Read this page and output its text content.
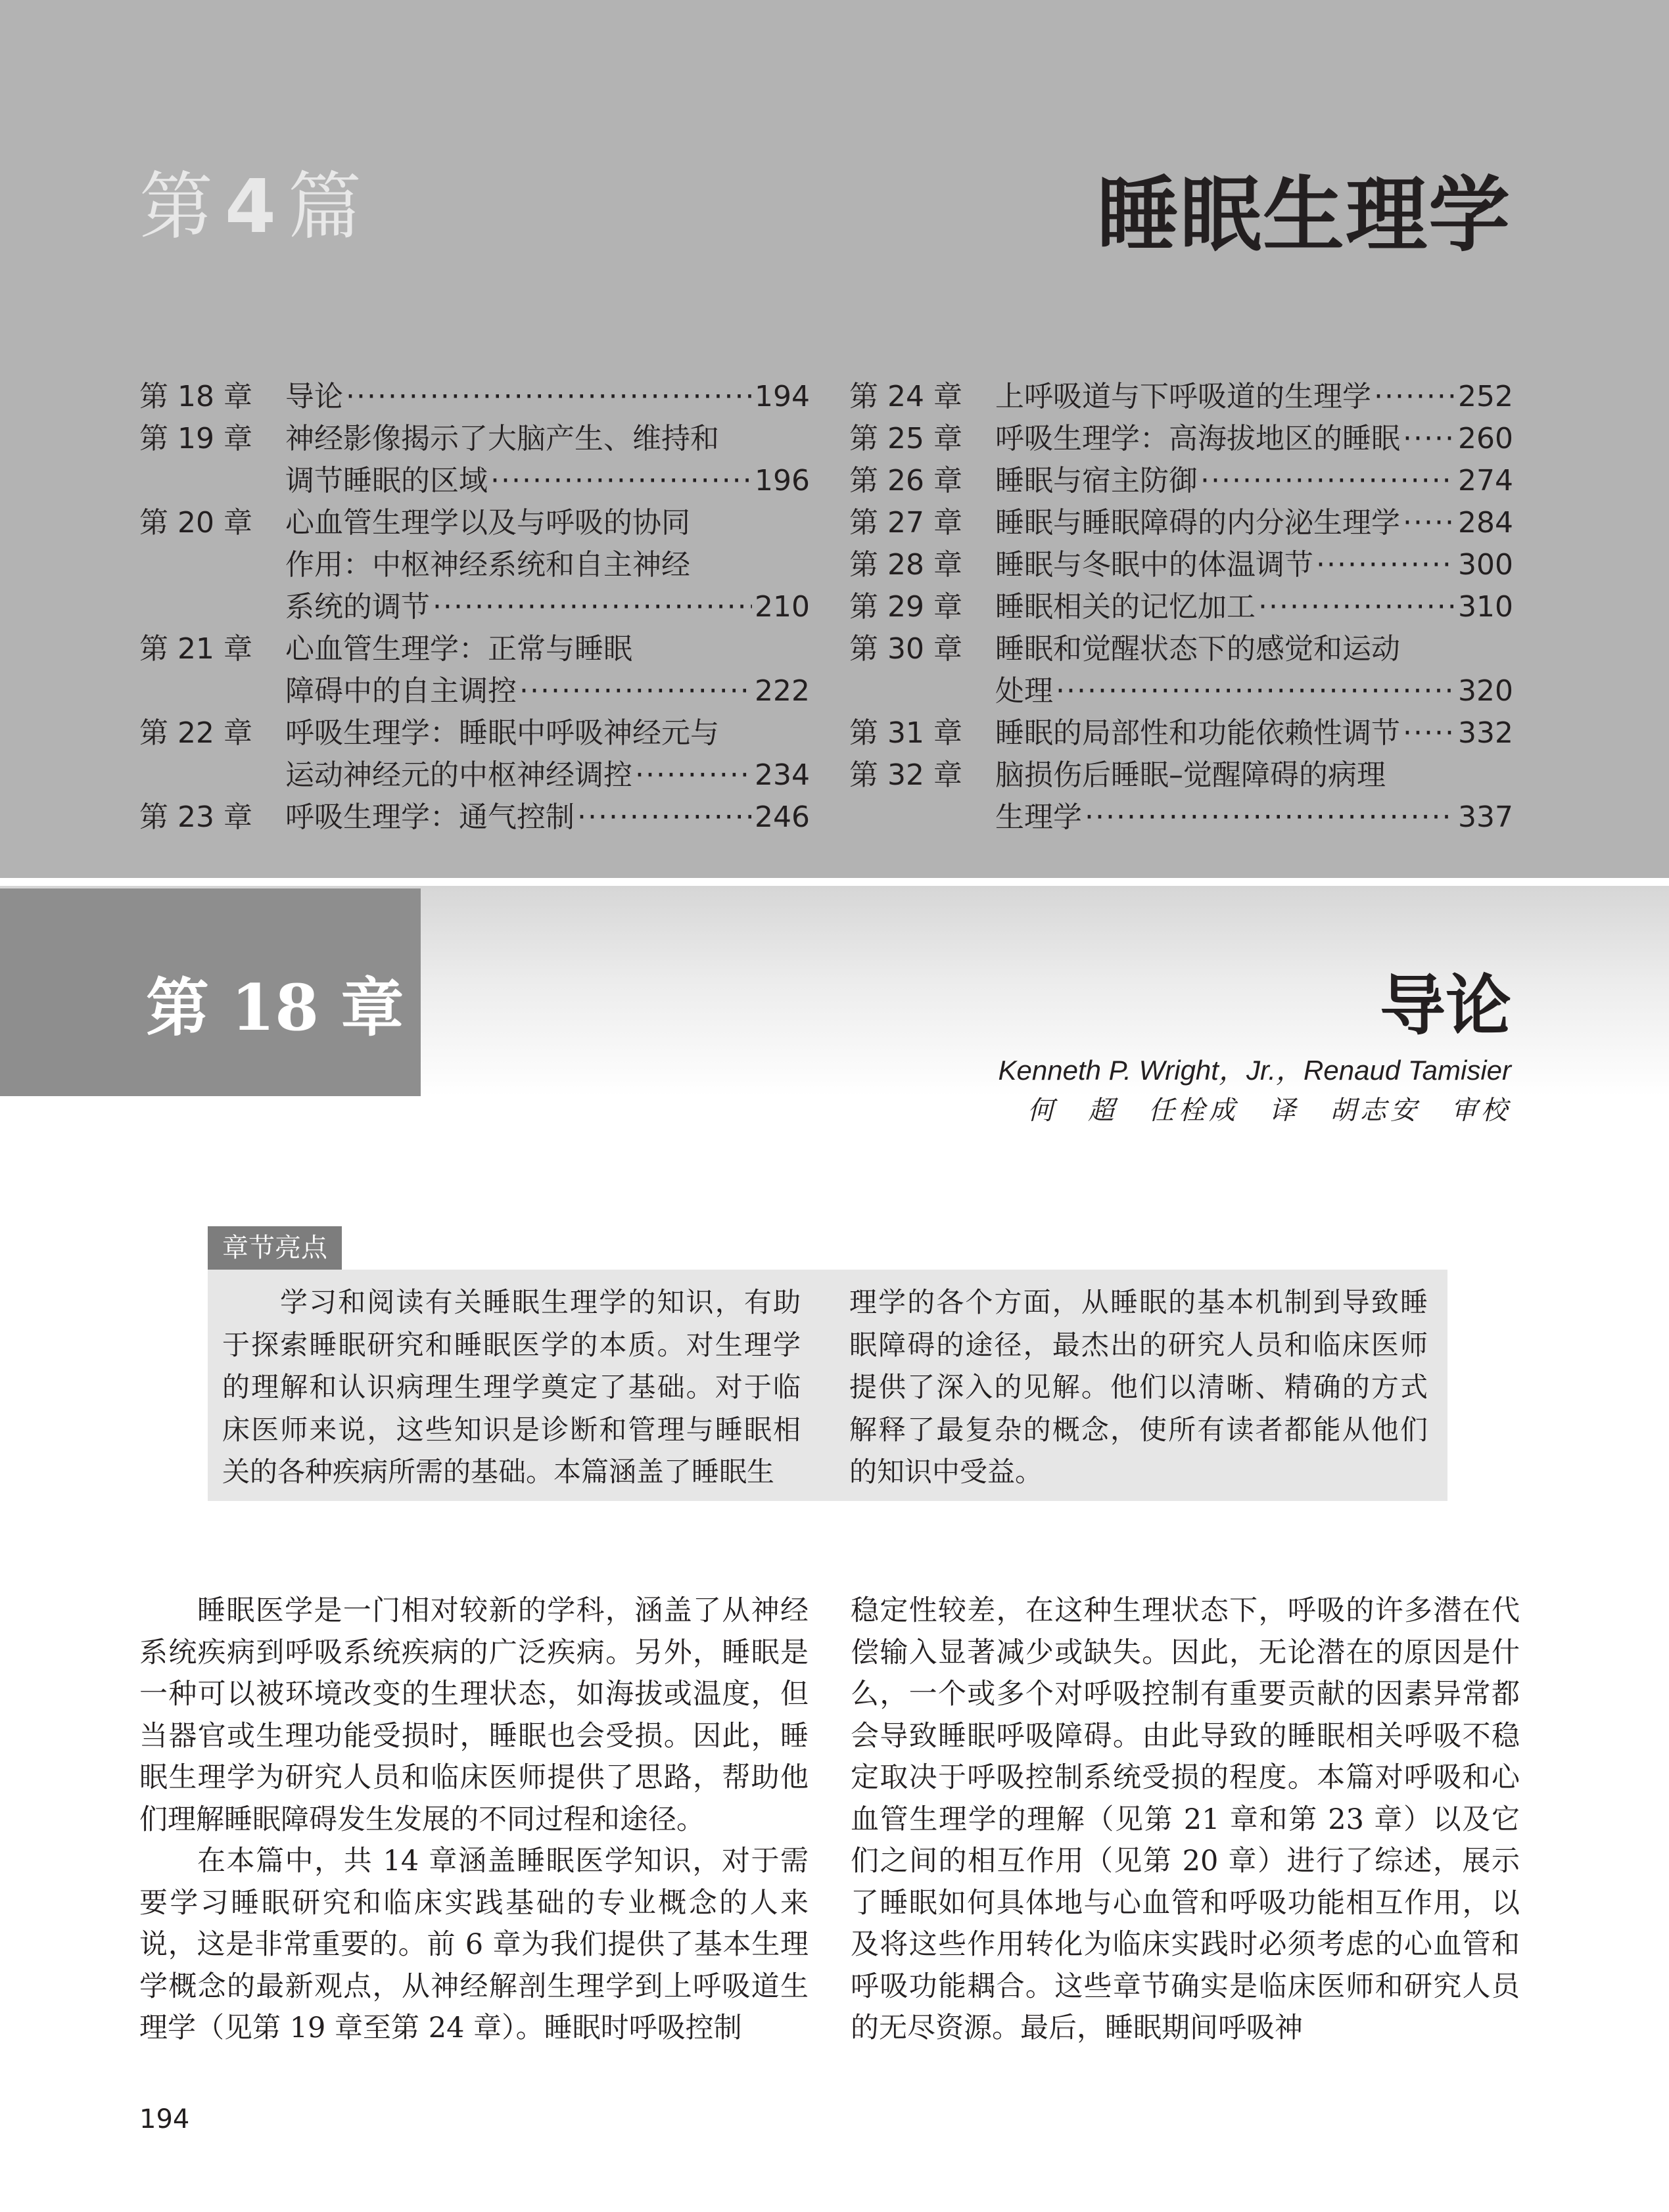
第 4 篇	睡眠生理学
第 18 章	导论 ·····	194
第 19 章	神经影像揭示了大脑产生、维持和
调节睡眠的区域 ·····	196
第 20 章	心血管生理学以及与呼吸的协同
作用：中枢神经系统和自主神经
系统的调节 ·····	210
第 21 章	心血管生理学：正常与睡眠
障碍中的自主调控 ·····	222
第 22 章	呼吸生理学：睡眠中呼吸神经元与
运动神经元的中枢神经调控 ·····	234
第 23 章	呼吸生理学：通气控制 ·····	246
第 24 章	上呼吸道与下呼吸道的生理学 ·····	252
第 25 章	呼吸生理学：高海拔地区的睡眠 ····· 260
第 26 章	睡眠与宿主防御 ·····	274
第 27 章	睡眠与睡眠障碍的内分泌生理学 ····· 284
第 28 章	睡眠与冬眠中的体温调节 ·····	300
第 29 章	睡眠相关的记忆加工 ·····	310
第 30 章	睡眠和觉醒状态下的感觉和运动
处理 ·····	320
第 31 章	睡眠的局部性和功能依赖性调节 ····· 332
第 32 章	脑损伤后睡眠–觉醒障碍的病理
生理学 ·····	337
第 18 章	导论
Kenneth P. Wright，Jr.，Renaud Tamisier
何　超　任栓成　译　胡志安　审校
章节亮点
学习和阅读有关睡眠生理学的知识，有助于探索睡眠研究和睡眠医学的本质。对生理学的理解和认识病理生理学奠定了基础。对于临床医师来说，这些知识是诊断和管理与睡眠相关的各种疾病所需的基础。本篇涵盖了睡眠生
理学的各个方面，从睡眠的基本机制到导致睡眠障碍的途径，最杰出的研究人员和临床医师提供了深入的见解。他们以清晰、精确的方式解释了最复杂的概念，使所有读者都能从他们的知识中受益。

睡眠医学是一门相对较新的学科，涵盖了从神经系统疾病到呼吸系统疾病的广泛疾病。另外，睡眠是一种可以被环境改变的生理状态，如海拔或温度，但当器官或生理功能受损时，睡眠也会受损。因此，睡眠生理学为研究人员和临床医师提供了思路，帮助他们理解睡眠障碍发生发展的不同过程和途径。

在本篇中，共 14 章涵盖睡眠医学知识，对于需要学习睡眠研究和临床实践基础的专业概念的人来说，这是非常重要的。前 6 章为我们提供了基本生理学概念的最新观点，从神经解剖生理学到上呼吸道生理学（见第 19 章至第 24 章）。睡眠时呼吸控制

稳定性较差，在这种生理状态下，呼吸的许多潜在代偿输入显著减少或缺失。因此，无论潜在的原因是什么，一个或多个对呼吸控制有重要贡献的因素异常都会导致睡眠呼吸障碍。由此导致的睡眠相关呼吸不稳定取决于呼吸控制系统受损的程度。本篇对呼吸和心血管生理学的理解（见第 21 章和第 23 章）以及它们之间的相互作用（见第 20 章）进行了综述，展示了睡眠如何具体地与心血管和呼吸功能相互作用，以及将这些作用转化为临床实践时必须考虑的心血管和呼吸功能耦合。这些章节确实是临床医师和研究人员的无尽资源。最后，睡眠期间呼吸神

194
